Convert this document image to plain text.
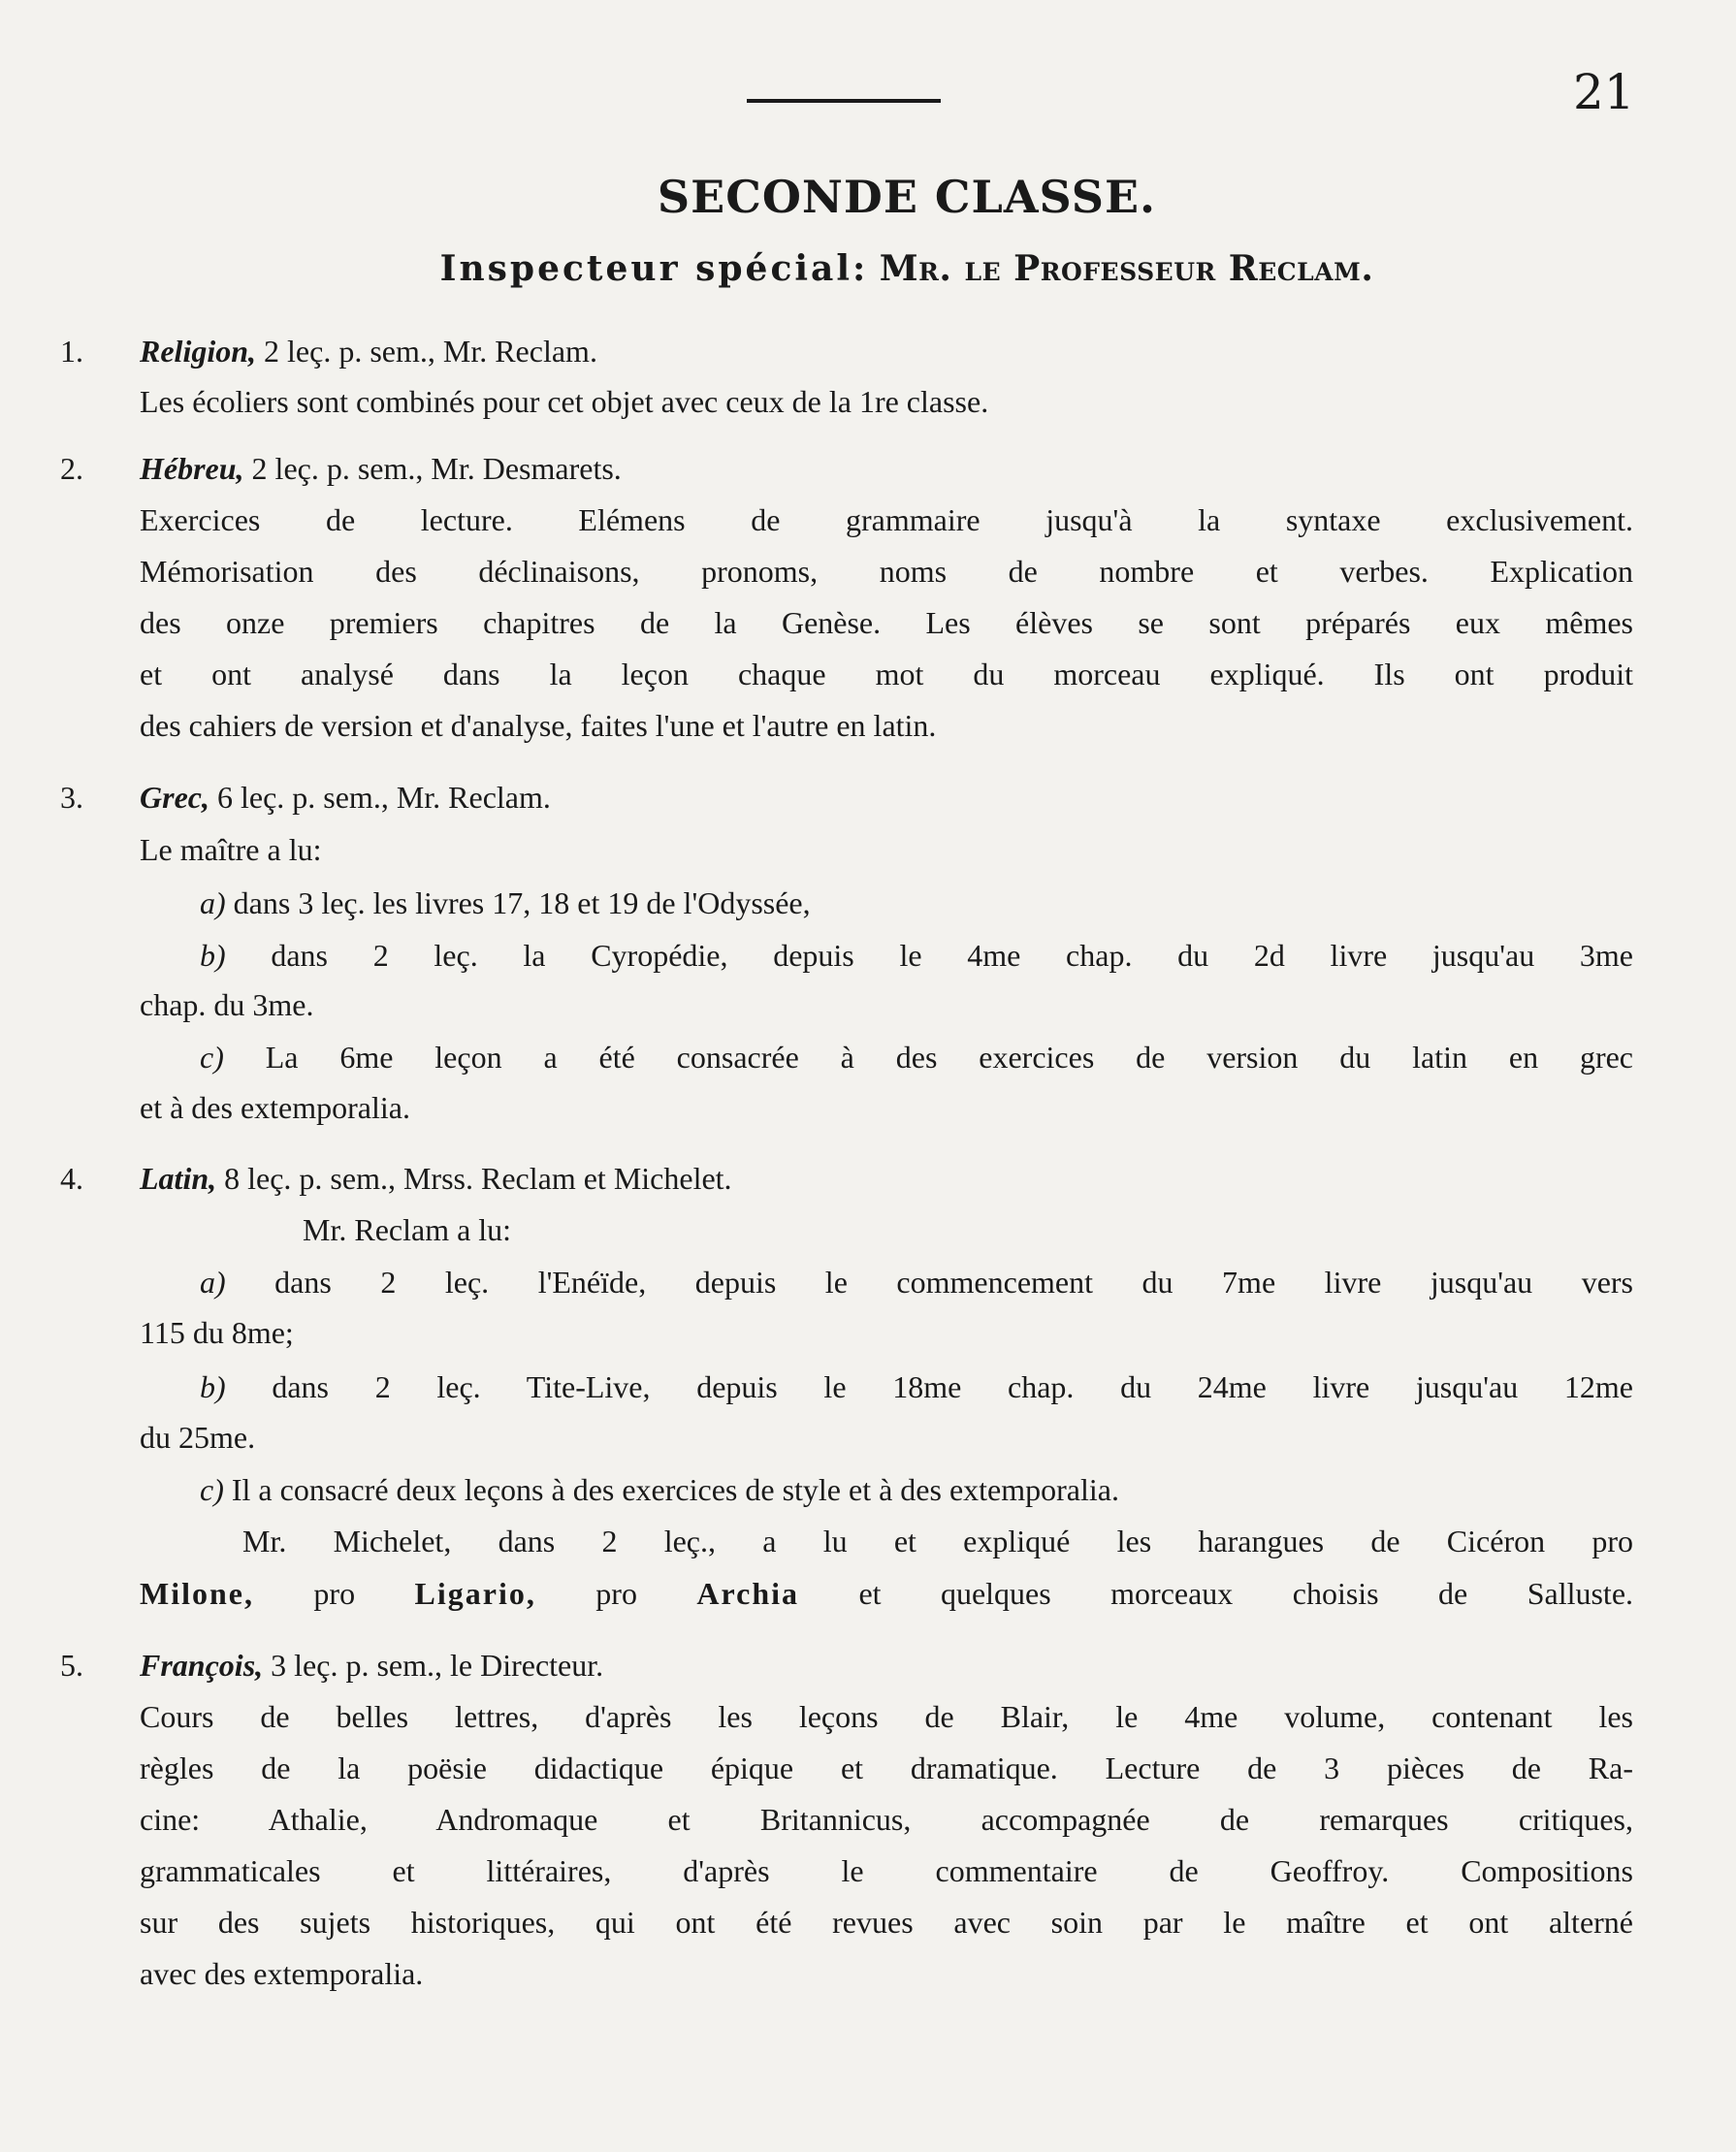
21
SECONDE CLASSE.
Inspecteur spécial: Mr. le Professeur Reclam.
1. Religion, 2 leç. p. sem., Mr. Reclam.
Les écoliers sont combinés pour cet objet avec ceux de la 1re classe.
2. Hébreu, 2 leç. p. sem., Mr. Desmarets.
Exercices de lecture. Elémens de grammaire jusqu'à la syntaxe exclusivement.
Mémorisation des déclinaisons, pronoms, noms de nombre et verbes. Explication
des onze premiers chapitres de la Genèse. Les élèves se sont préparés eux mêmes
et ont analysé dans la leçon chaque mot du morceau expliqué. Ils ont produit
des cahiers de version et d'analyse, faites l'une et l'autre en latin.
3. Grec, 6 leç. p. sem., Mr. Reclam.
Le maître a lu:
a) dans 3 leç. les livres 17, 18 et 19 de l'Odyssée,
b) dans 2 leç. la Cyropédie, depuis le 4me chap. du 2d livre jusqu'au 3me
chap. du 3me.
c) La 6me leçon a été consacrée à des exercices de version du latin en grec
et à des extemporalia.
4. Latin, 8 leç. p. sem., Mrss. Reclam et Michelet.
Mr. Reclam a lu:
a) dans 2 leç. l'Enéïde, depuis le commencement du 7me livre jusqu'au vers
115 du 8me;
b) dans 2 leç. Tite-Live, depuis le 18me chap. du 24me livre jusqu'au 12me
du 25me.
c) Il a consacré deux leçons à des exercices de style et à des extemporalia.
Mr. Michelet, dans 2 leç., a lu et expliqué les harangues de Cicéron pro
Milone, pro Ligario, pro Archia et quelques morceaux choisis de Salluste.
5. François, 3 leç. p. sem., le Directeur.
Cours de belles lettres, d'après les leçons de Blair, le 4me volume, contenant les
règles de la poësie didactique épique et dramatique. Lecture de 3 pièces de Ra-
cine: Athalie, Andromaque et Britannicus, accompagnée de remarques critiques,
grammaticales et littéraires, d'après le commentaire de Geoffroy. Compositions
sur des sujets historiques, qui ont été revues avec soin par le maître et ont alterné
avec des extemporalia.
